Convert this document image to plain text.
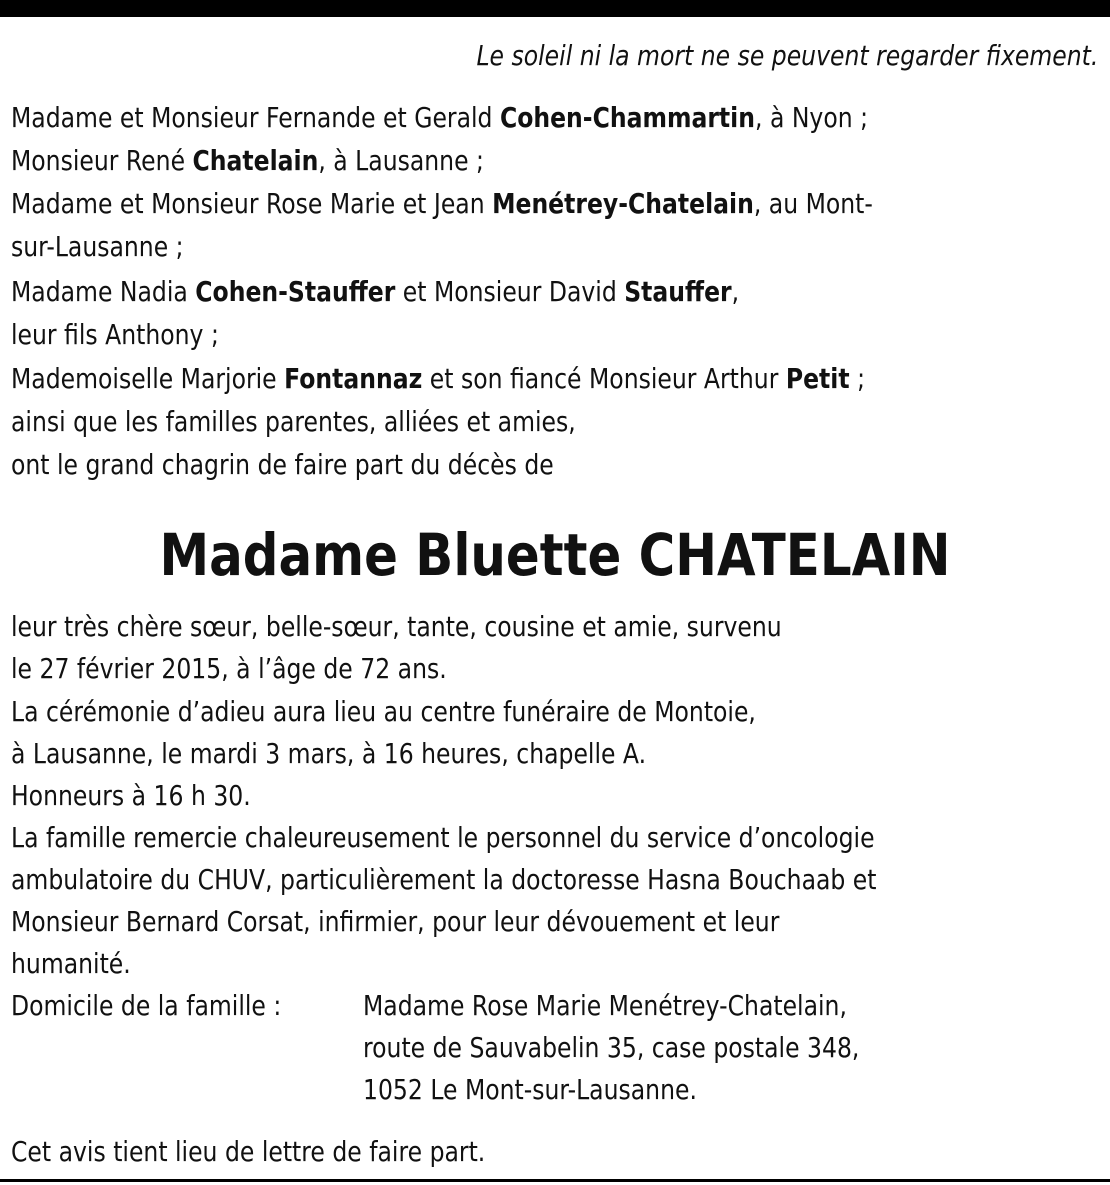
Le soleil ni la mort ne se peuvent regarder fixement.

Madame et Monsieur Fernande et Gerald Cohen-Chammartin, à Nyon ;

Monsieur René Chatelain, à Lausanne ;

Madame et Monsieur Rose Marie et Jean Menétrey-Chatelain, au Mont-

sur-Lausanne ;

Madame Nadia Cohen-Stauffer et Monsieur David Stauffer,

leur fils Anthony ;

Mademoiselle Marjorie Fontannaz et son fiancé Monsieur Arthur Petit ;

ainsi que les familles parentes, alliées et amies,

ont le grand chagrin de faire part du décès de

Madame Bluette CHATELAIN

leur très chère sœur, belle-sœur, tante, cousine et amie, survenu

le 27 février 2015, à l’âge de 72 ans.

La cérémonie d’adieu aura lieu au centre funéraire de Montoie,

à Lausanne, le mardi 3 mars, à 16 heures, chapelle A.

Honneurs à 16 h 30.

La famille remercie chaleureusement le personnel du service d’oncologie

ambulatoire du CHUV, particulièrement la doctoresse Hasna Bouchaab et

Monsieur Bernard Corsat, infirmier, pour leur dévouement et leur

humanité.

Domicile de la famille :	Madame Rose Marie Menétrey-Chatelain,

route de Sauvabelin 35, case postale 348,

1052 Le Mont-sur-Lausanne.

Cet avis tient lieu de lettre de faire part.
